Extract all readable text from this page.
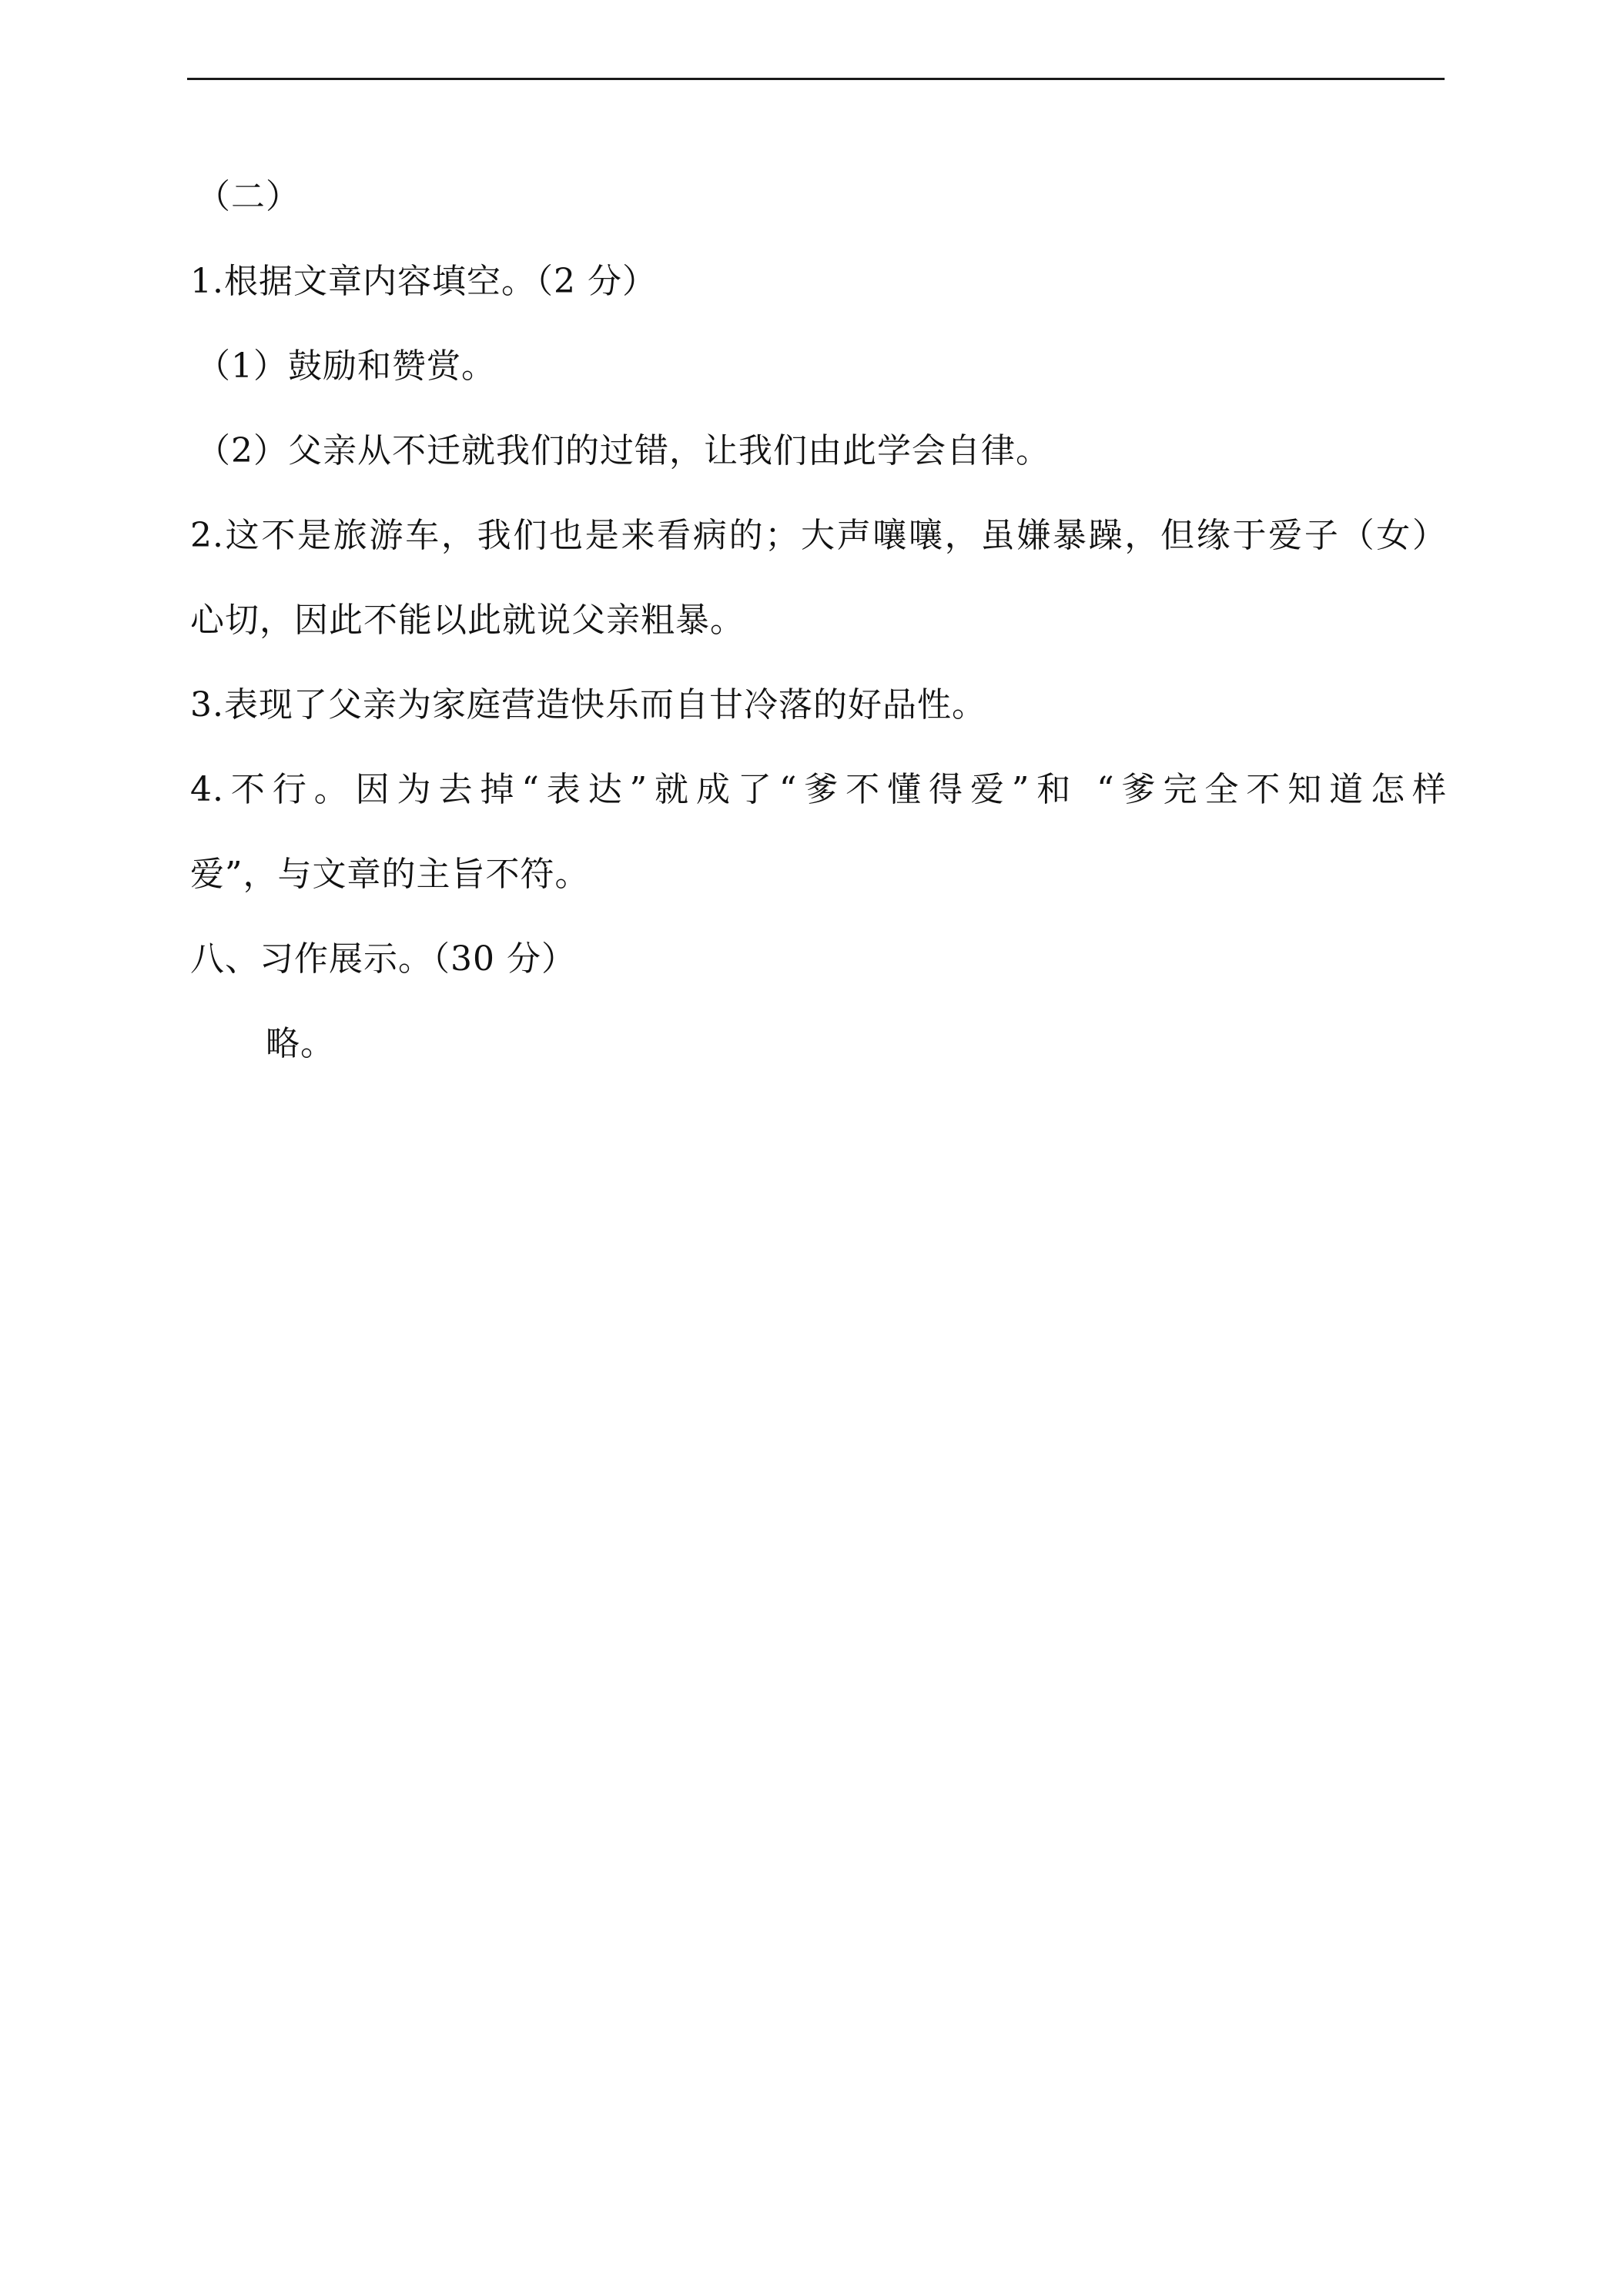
（二）
1.根据文章内容填空。（2 分）
（1）鼓励和赞赏。
（2）父亲从不迁就我们的过错，让我们由此学会自律。
2.这不是旅游车，我们也是来看病的；大声嚷嚷，虽嫌暴躁，但缘于爱子（女）
心切，因此不能以此就说父亲粗暴。
3.表现了父亲为家庭营造快乐而自甘冷落的好品性。
4.不行。因为去掉“表达”就成了“爹不懂得爱”和 “爹完全不知道怎样
爱”，与文章的主旨不符。
八、习作展示。（30 分）
略。
